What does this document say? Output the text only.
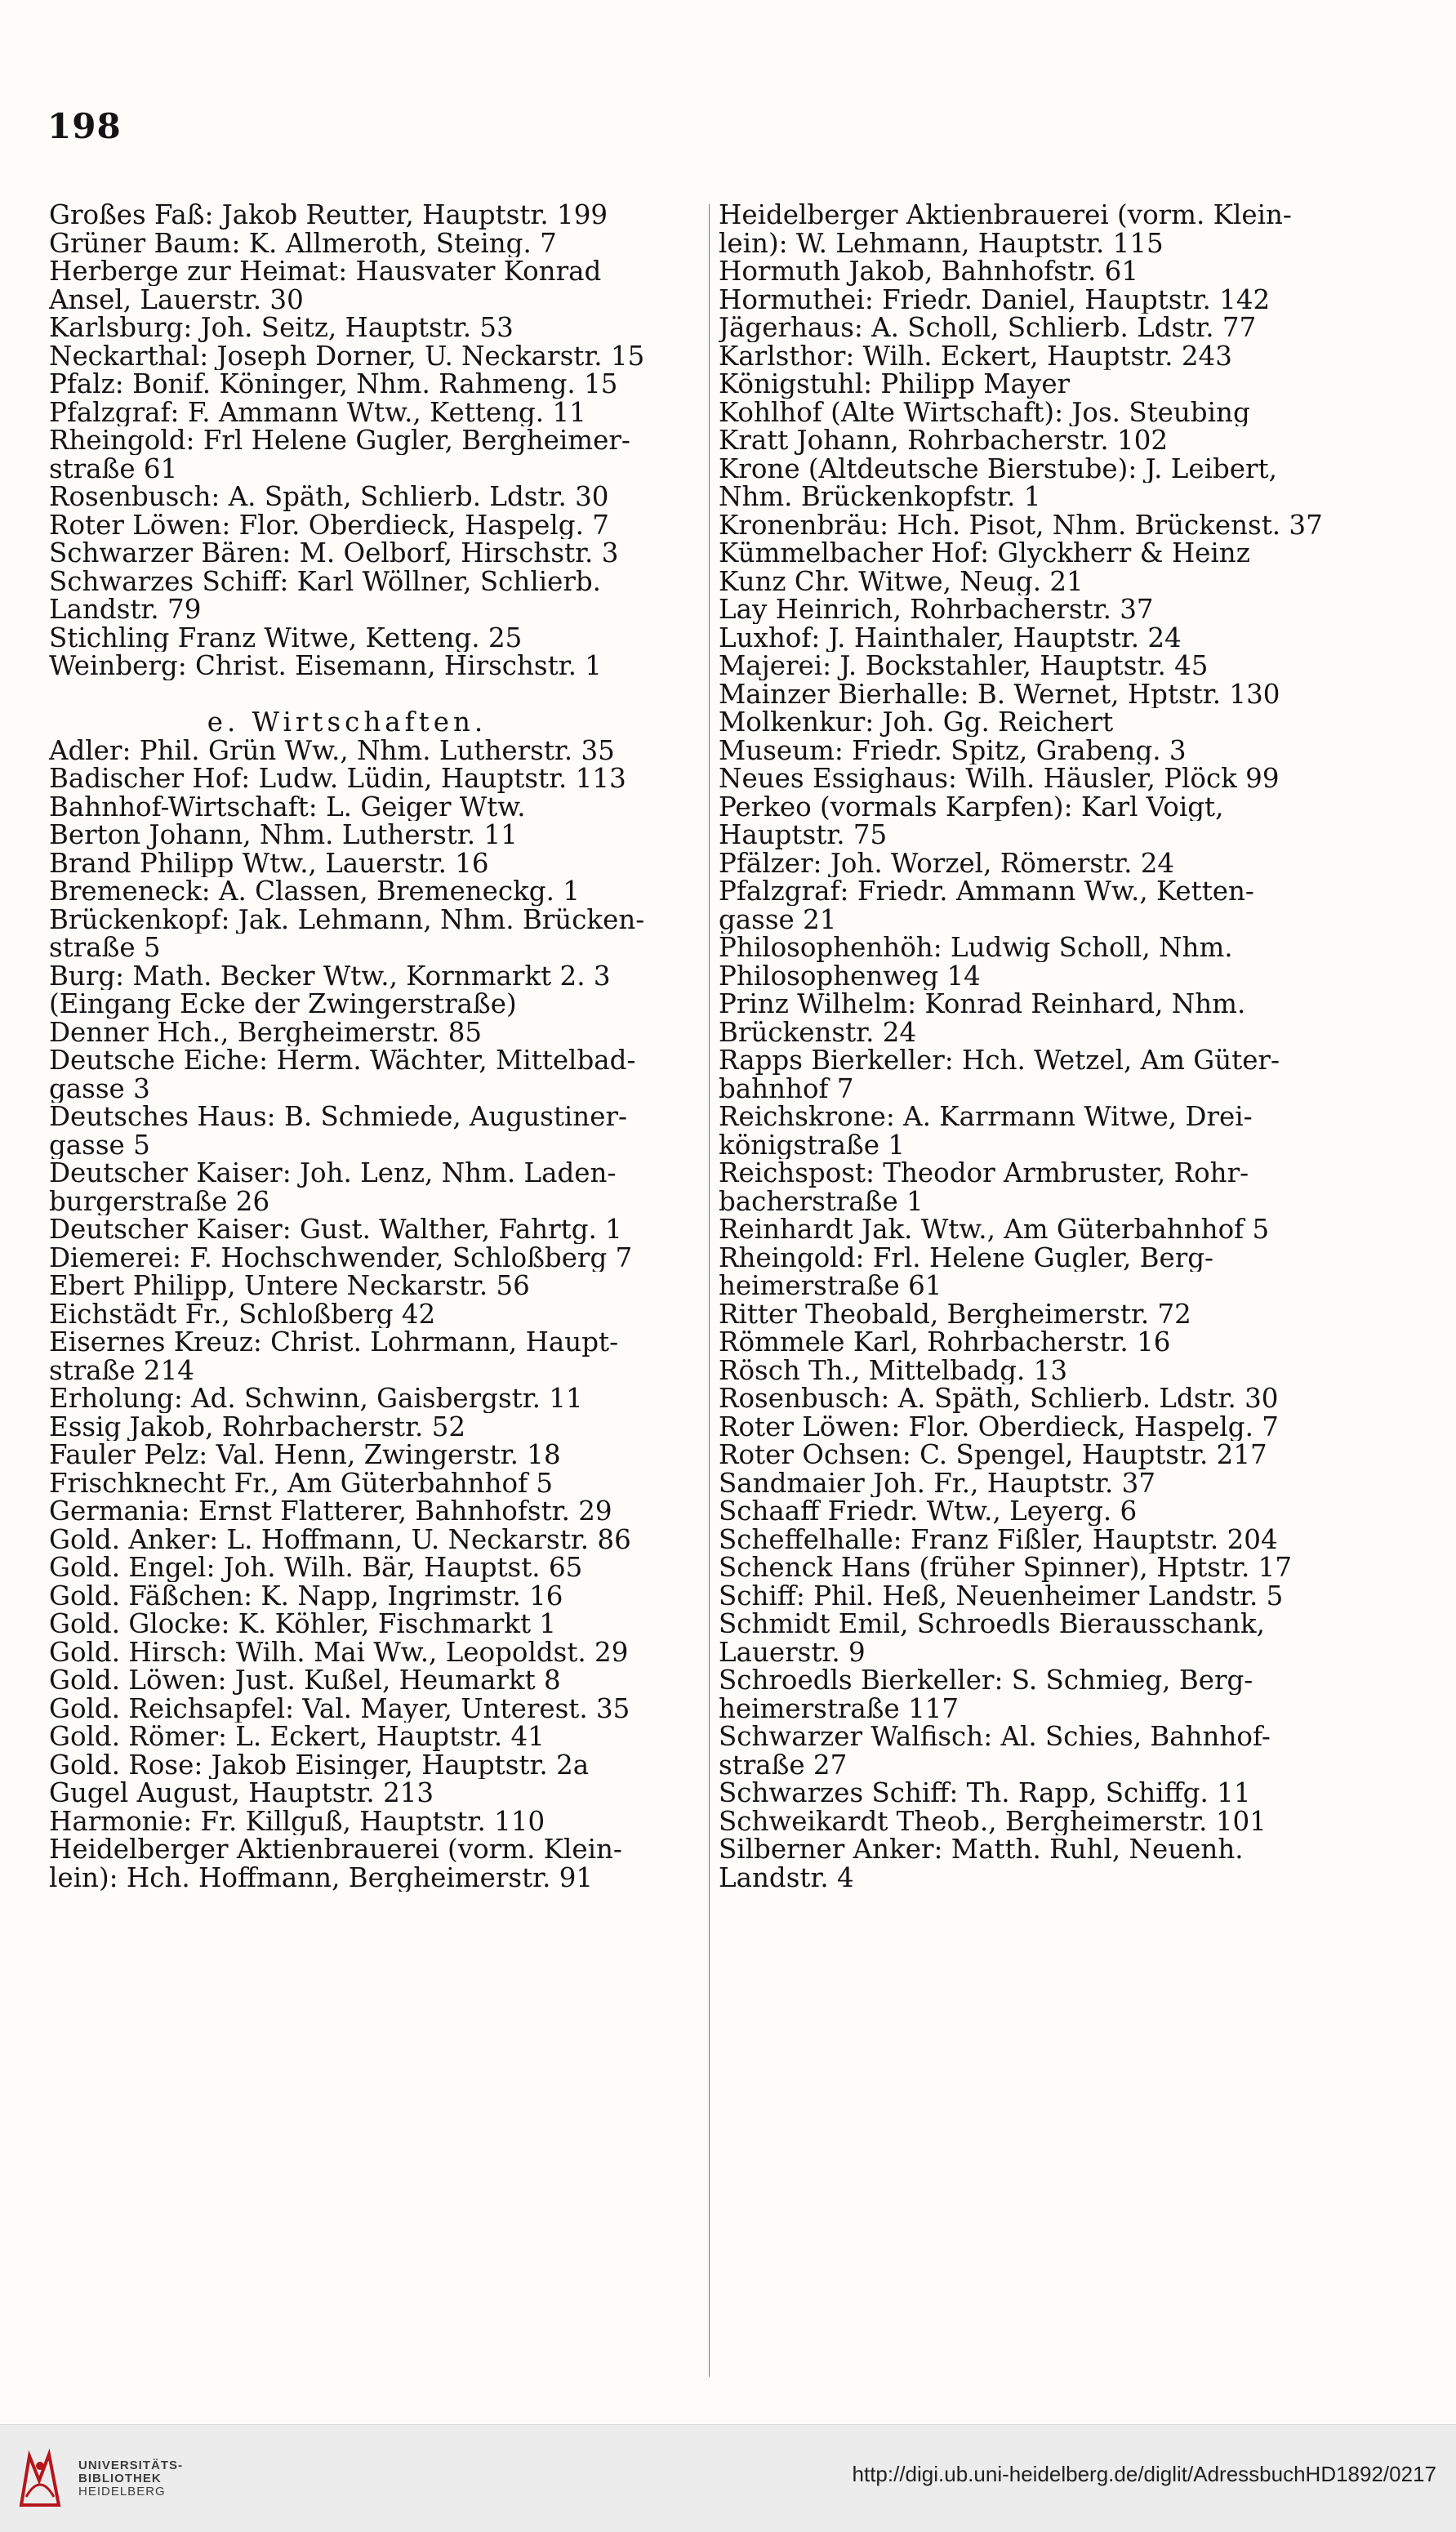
198
Großes Faß: Jakob Reutter, Hauptstr. 199
Grüner Baum: K. Allmeroth, Steing. 7
Herberge zur Heimat: Hausvater Konrad
Ansel, Lauerstr. 30
Karlsburg: Joh. Seitz, Hauptstr. 53
Neckarthal: Joseph Dorner, U. Neckarstr. 15
Pfalz: Bonif. Köninger, Nhm. Rahmeng. 15
Pfalzgraf: F. Ammann Wtw., Ketteng. 11
Rheingold: Frl Helene Gugler, Bergheimer-
straße 61
Rosenbusch: A. Späth, Schlierb. Ldstr. 30
Roter Löwen: Flor. Oberdieck, Haspelg. 7
Schwarzer Bären: M. Oelborf, Hirschstr. 3
Schwarzes Schiff: Karl Wöllner, Schlierb.
Landstr. 79
Stichling Franz Witwe, Ketteng. 25
Weinberg: Christ. Eisemann, Hirschstr. 1

e. Wirtschaften.
Adler: Phil. Grün Ww., Nhm. Lutherstr. 35
Badischer Hof: Ludw. Lüdin, Hauptstr. 113
Bahnhof-Wirtschaft: L. Geiger Wtw.
Berton Johann, Nhm. Lutherstr. 11
Brand Philipp Wtw., Lauerstr. 16
Bremeneck: A. Classen, Bremeneckg. 1
Brückenkopf: Jak. Lehmann, Nhm. Brücken-
straße 5
Burg: Math. Becker Wtw., Kornmarkt 2. 3
(Eingang Ecke der Zwingerstraße)
Denner Hch., Bergheimerstr. 85
Deutsche Eiche: Herm. Wächter, Mittelbad-
gasse 3
Deutsches Haus: B. Schmiede, Augustiner-
gasse 5
Deutscher Kaiser: Joh. Lenz, Nhm. Laden-
burgerstraße 26
Deutscher Kaiser: Gust. Walther, Fahrtg. 1
Diemerei: F. Hochschwender, Schloßberg 7
Ebert Philipp, Untere Neckarstr. 56
Eichstädt Fr., Schloßberg 42
Eisernes Kreuz: Christ. Lohrmann, Haupt-
straße 214
Erholung: Ad. Schwinn, Gaisbergstr. 11
Essig Jakob, Rohrbacherstr. 52
Fauler Pelz: Val. Henn, Zwingerstr. 18
Frischknecht Fr., Am Güterbahnhof 5
Germania: Ernst Flatterer, Bahnhofstr. 29
Gold. Anker: L. Hoffmann, U. Neckarstr. 86
Gold. Engel: Joh. Wilh. Bär, Hauptst. 65
Gold. Fäßchen: K. Napp, Ingrimstr. 16
Gold. Glocke: K. Köhler, Fischmarkt 1
Gold. Hirsch: Wilh. Mai Ww., Leopoldst. 29
Gold. Löwen: Just. Kußel, Heumarkt 8
Gold. Reichsapfel: Val. Mayer, Unterest. 35
Gold. Römer: L. Eckert, Hauptstr. 41
Gold. Rose: Jakob Eisinger, Hauptstr. 2a
Gugel August, Hauptstr. 213
Harmonie: Fr. Killguß, Hauptstr. 110
Heidelberger Aktienbrauerei (vorm. Klein-
lein): Hch. Hoffmann, Bergheimerstr. 91
Heidelberger Aktienbrauerei (vorm. Klein-
lein): W. Lehmann, Hauptstr. 115
Hormuth Jakob, Bahnhofstr. 61
Hormuthei: Friedr. Daniel, Hauptstr. 142
Jägerhaus: A. Scholl, Schlierb. Ldstr. 77
Karlsthor: Wilh. Eckert, Hauptstr. 243
Königstuhl: Philipp Mayer
Kohlhof (Alte Wirtschaft): Jos. Steubing
Kratt Johann, Rohrbacherstr. 102
Krone (Altdeutsche Bierstube): J. Leibert,
Nhm. Brückenkopfstr. 1
Kronenbräu: Hch. Pisot, Nhm. Brückenst. 37
Kümmelbacher Hof: Glyckherr & Heinz
Kunz Chr. Witwe, Neug. 21
Lay Heinrich, Rohrbacherstr. 37
Luxhof: J. Hainthaler, Hauptstr. 24
Majerei: J. Bockstahler, Hauptstr. 45
Mainzer Bierhalle: B. Wernet, Hptstr. 130
Molkenkur: Joh. Gg. Reichert
Museum: Friedr. Spitz, Grabeng. 3
Neues Essighaus: Wilh. Häusler, Plöck 99
Perkeo (vormals Karpfen): Karl Voigt,
Hauptstr. 75
Pfälzer: Joh. Worzel, Römerstr. 24
Pfalzgraf: Friedr. Ammann Ww., Ketten-
gasse 21
Philosophenhöh: Ludwig Scholl, Nhm.
Philosophenweg 14
Prinz Wilhelm: Konrad Reinhard, Nhm.
Brückenstr. 24
Rapps Bierkeller: Hch. Wetzel, Am Güter-
bahnhof 7
Reichskrone: A. Karrmann Witwe, Drei-
königstraße 1
Reichspost: Theodor Armbruster, Rohr-
bacherstraße 1
Reinhardt Jak. Wtw., Am Güterbahnhof 5
Rheingold: Frl. Helene Gugler, Berg-
heimerstraße 61
Ritter Theobald, Bergheimerstr. 72
Römmele Karl, Rohrbacherstr. 16
Rösch Th., Mittelbadg. 13
Rosenbusch: A. Späth, Schlierb. Ldstr. 30
Roter Löwen: Flor. Oberdieck, Haspelg. 7
Roter Ochsen: C. Spengel, Hauptstr. 217
Sandmaier Joh. Fr., Hauptstr. 37
Schaaff Friedr. Wtw., Leyerg. 6
Scheffelhalle: Franz Fißler, Hauptstr. 204
Schenck Hans (früher Spinner), Hptstr. 17
Schiff: Phil. Heß, Neuenheimer Landstr. 5
Schmidt Emil, Schroedls Bierausschank,
Lauerstr. 9
Schroedls Bierkeller: S. Schmieg, Berg-
heimerstraße 117
Schwarzer Walfisch: Al. Schies, Bahnhof-
straße 27
Schwarzes Schiff: Th. Rapp, Schiffg. 11
Schweikardt Theob., Bergheimerstr. 101
Silberner Anker: Matth. Ruhl, Neuenh.
Landstr. 4
UNIVERSITÄTS-
BIBLIOTHEK
HEIDELBERG
http://digi.ub.uni-heidelberg.de/diglit/AdressbuchHD1892/0217
